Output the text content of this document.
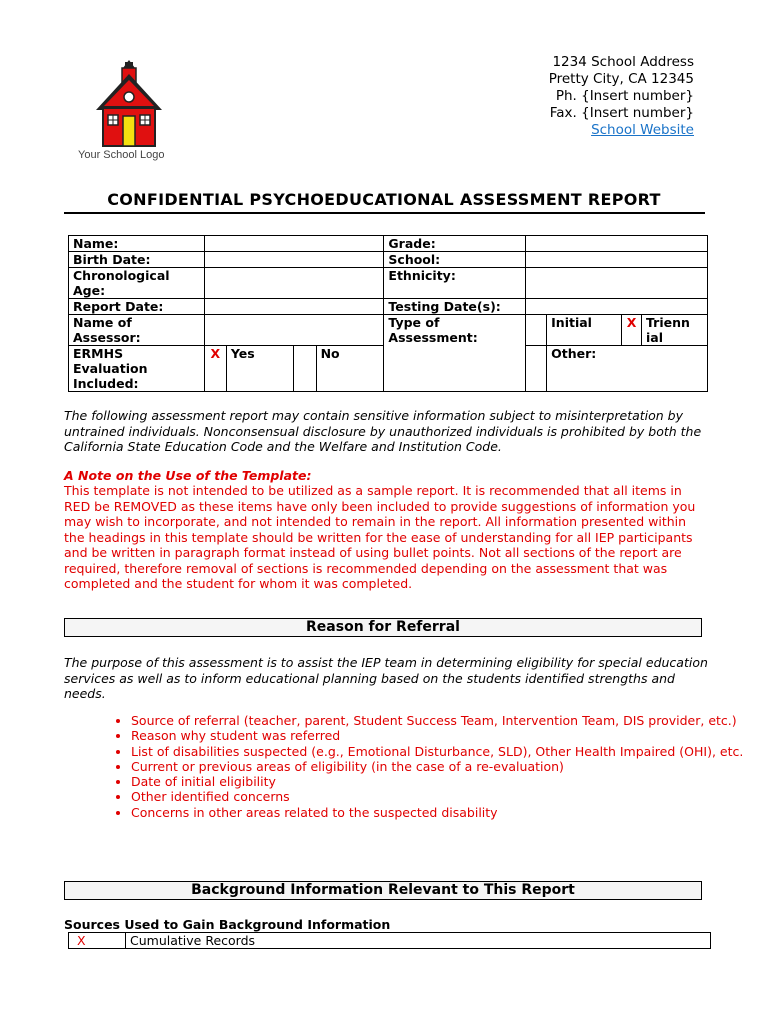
Your School Logo
1234 School Address
Pretty City, CA 12345
Ph. {Insert number}
Fax. {Insert number}
School Website
CONFIDENTIAL PSYCHOEDUCATIONAL ASSESSMENT REPORT
Name:					Grade:				
Birth Date:					School:				
Chronological Age:					Ethnicity:				
Report Date:					Testing Date(s):				
Name of Assessor:					Type of Assessment:		Initial	X	Trienn ial
ERMHS Evaluation Included:	X	Yes		No			Other:		
The following assessment report may contain sensitive information subject to misinterpretation by untrained individuals. Nonconsensual disclosure by unauthorized individuals is prohibited by both the California State Education Code and the Welfare and Institution Code.
A Note on the Use of the Template:
This template is not intended to be utilized as a sample report. It is recommended that all items in RED be REMOVED as these items have only been included to provide suggestions of information you may wish to incorporate, and not intended to remain in the report. All information presented within the headings in this template should be written for the ease of understanding for all IEP participants and be written in paragraph format instead of using bullet points. Not all sections of the report are required, therefore removal of sections is recommended depending on the assessment that was completed and the student for whom it was completed.
Reason for Referral
The purpose of this assessment is to assist the IEP team in determining eligibility for special education services as well as to inform educational planning based on the students identified strengths and needs.
• Source of referral (teacher, parent, Student Success Team, Intervention Team, DIS provider, etc.)
• Reason why student was referred
• List of disabilities suspected (e.g., Emotional Disturbance, SLD), Other Health Impaired (OHI), etc.
• Current or previous areas of eligibility (in the case of a re-evaluation)
• Date of initial eligibility
• Other identified concerns
• Concerns in other areas related to the suspected disability
Background Information Relevant to This Report
Sources Used to Gain Background Information
X	Cumulative Records
